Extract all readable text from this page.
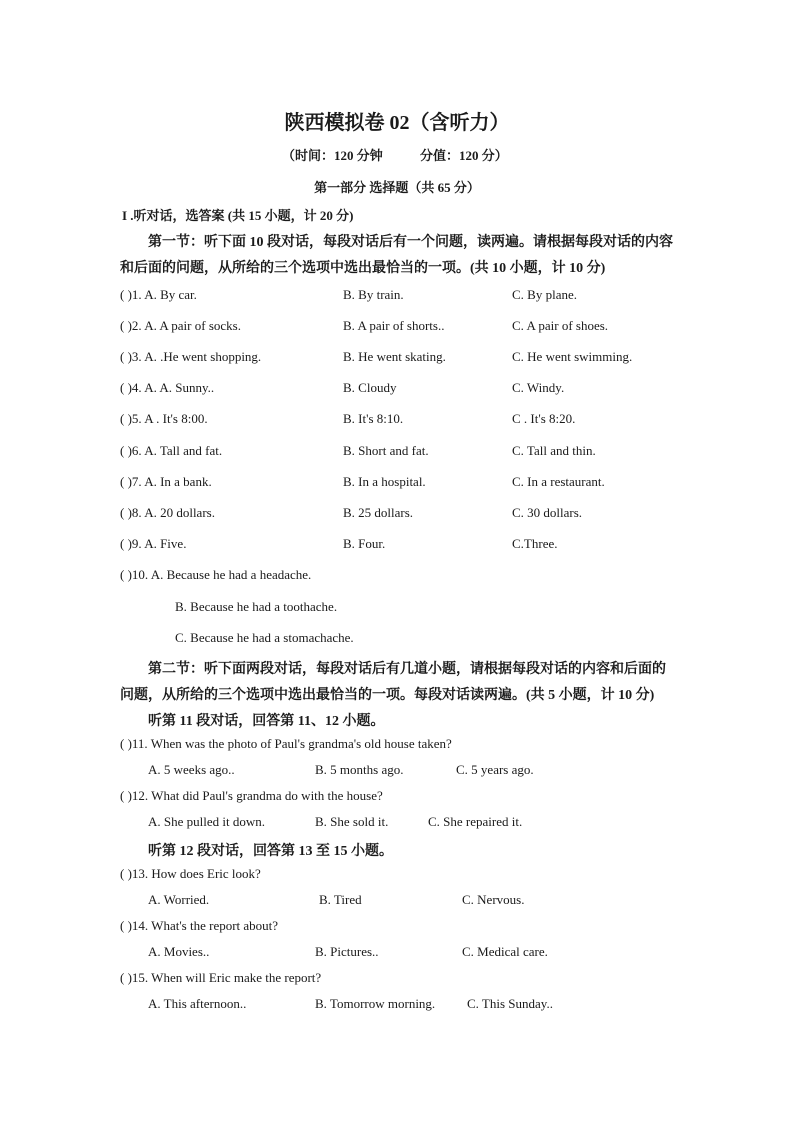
陕西模拟卷 02（含听力）
（时间：120 分钟	分值：120 分）
第一部分 选择题（共 65 分）
I .听对话，选答案 (共 15 小题，计 20 分)
第一节：听下面 10 段对话，每段对话后有一个问题，读两遍。请根据每段对话的内容
和后面的问题，从所给的三个选项中选出最恰当的一项。(共 10 小题，计 10 分)
( )1. A. By car.	B. By train.	C. By plane.
( )2. A. A pair of socks.	B. A pair of shorts..	C. A pair of shoes.
( )3. A. .He went shopping.	B. He went skating.	C. He went swimming.
( )4. A. A. Sunny..	B. Cloudy	C. Windy.
( )5. A . It's 8:00.	B. It's 8:10.	C . It's 8:20.
( )6. A. Tall and fat.	B. Short and fat.	C. Tall and thin.
( )7. A. In a bank.	B. In a hospital.	C. In a restaurant.
( )8. A. 20 dollars.	B. 25 dollars.	C. 30 dollars.
( )9. A. Five.	B. Four.	C.Three.
( )10. A. Because he had a headache.
B. Because he had a toothache.
C. Because he had a stomachache.
第二节：听下面两段对话，每段对话后有几道小题，请根据每段对话的内容和后面的
问题，从所给的三个选项中选出最恰当的一项。每段对话读两遍。(共 5 小题，计 10 分)
听第 11 段对话，回答第 11、12 小题。
( )11. When was the photo of Paul's grandma's old house taken?
A. 5 weeks ago..	B. 5 months ago.	C. 5 years ago.
( )12. What did Paul's grandma do with the house?
A. She pulled it down.	B. She sold it.	C. She repaired it.
听第 12 段对话，回答第 13 至 15 小题。
( )13. How does Eric look?
A. Worried.	B. Tired	C. Nervous.
( )14. What's the report about?
A. Movies..	B. Pictures..	C. Medical care.
( )15. When will Eric make the report?
A. This afternoon..	B. Tomorrow morning. C. This Sunday..
